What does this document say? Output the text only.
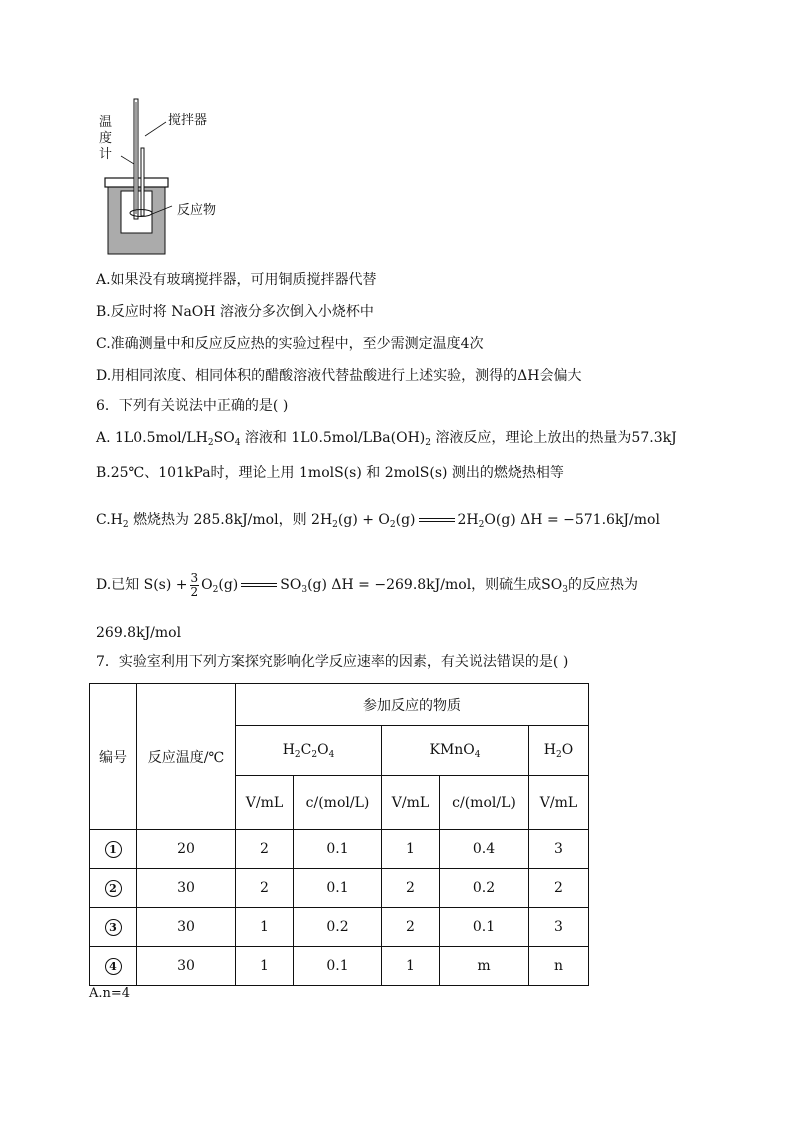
温度计
搅拌器
反应物
A.如果没有玻璃搅拌器，可用铜质搅拌器代替
B.反应时将 NaOH 溶液分多次倒入小烧杯中
C.准确测量中和反应反应热的实验过程中，至少需测定温度4次
D.用相同浓度、相同体积的醋酸溶液代替盐酸进行上述实验，测得的ΔH会偏大
6．下列有关说法中正确的是( )
A. $1L0.5mol/LH_2SO_4$ 溶液和 $1L0.5mol/LBa(OH)_2$ 溶液反应，理论上放出的热量为57.3kJ
B.25℃、101kPa时，理论上用 1molS(s) 和 2molS(s) 测出的燃烧热相等
$C.H_2$ 燃烧热为 285.8kJ/mol，则 $2H_2(g) + O_2(g)$	$2H_2O(g) \Delta H = -571.6kJ/mol$
D.已知 $S(s) + \frac{3}{2} O_2(g)$	$SO_3(g) \Delta H = -269.8kJ/mol$，则硫生成$SO_3$的反应热为
269.8kJ/mol
7．实验室利用下列方案探究影响化学反应速率的因素，有关说法错误的是( )
编号	反应温度/℃	参加反应的物质				
		$H_2C_2O_4$		KMnO$_4$		$H_2O$
		V/mL	c/(mol/L)	V/mL	c/(mol/L)	V/mL
1	20	2	0.1	1	0.4	3
2	30	2	0.1	2	0.2	2
3	30	1	0.2	2	0.1	3
4	30	1	0.1	1	m	n
A.n=4
